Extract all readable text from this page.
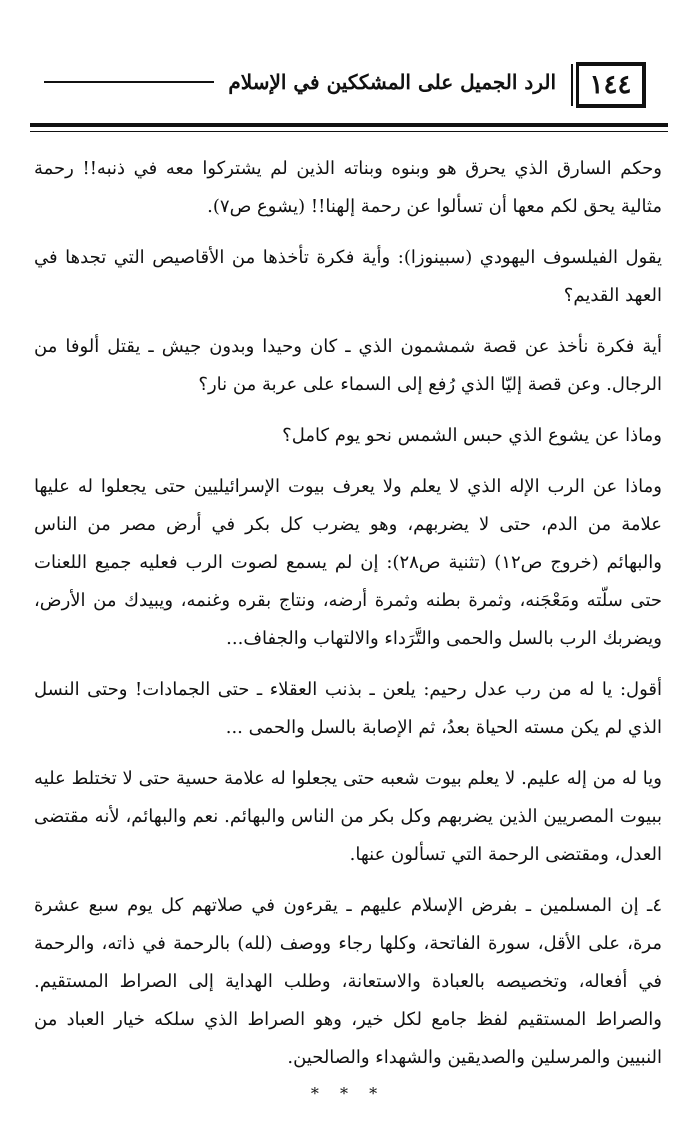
١٤٤
الرد الجميل على المشككين في الإسلام

وحكم السارق الذي يحرق هو وبنوه وبناته الذين لم يشتركوا معه في ذنبه!! رحمة مثالية يحق لكم معها أن تسألوا عن رحمة إلهنا!! (يشوع ص٧).

يقول الفيلسوف اليهودي (سبينوزا): وأية فكرة تأخذها من الأقاصيص التي تجدها في العهد القديم؟

أية فكرة نأخذ عن قصة شمشمون الذي ـ كان وحيدا وبدون جيش ـ يقتل ألوفا من الرجال. وعن قصة إليّا الذي رُفع إلى السماء على عربة من نار؟

وماذا عن يشوع الذي حبس الشمس نحو يوم كامل؟

وماذا عن الرب الإله الذي لا يعلم ولا يعرف بيوت الإسرائيليين حتى يجعلوا له عليها علامة من الدم، حتى لا يضربهم، وهو يضرب كل بكر في أرض مصر من الناس والبهائم (خروج ص١٢) (تثنية ص٢٨): إن لم يسمع لصوت الرب فعليه جميع اللعنات حتى سلّته ومَعْجَنه، وثمرة بطنه وثمرة أرضه، ونتاج بقره وغنمه، ويبيدك من الأرض، ويضربك الرب بالسل والحمى والتَّرَداء والالتهاب والجفاف...

أقول: يا له من رب عدل رحيم: يلعن ـ بذنب العقلاء ـ حتى الجمادات! وحتى النسل الذي لم يكن مسته الحياة بعدُ، ثم الإصابة بالسل والحمى ...

ويا له من إله عليم. لا يعلم بيوت شعبه حتى يجعلوا له علامة حسية حتى لا تختلط عليه ببيوت المصريين الذين يضربهم وكل بكر من الناس والبهائم. نعم والبهائم، لأنه مقتضى العدل، ومقتضى الرحمة التي تسألون عنها.

٤ـ إن المسلمين ـ بفرض الإسلام عليهم ـ يقرءون في صلاتهم كل يوم سبع عشرة مرة، على الأقل، سورة الفاتحة، وكلها رجاء ووصف (لله) بالرحمة في ذاته، والرحمة في أفعاله، وتخصيصه بالعبادة والاستعانة، وطلب الهداية إلى الصراط المستقيم. والصراط المستقيم لفظ جامع لكل خير، وهو الصراط الذي سلكه خيار العباد من النبيين والمرسلين والصديقين والشهداء والصالحين.

* * *
